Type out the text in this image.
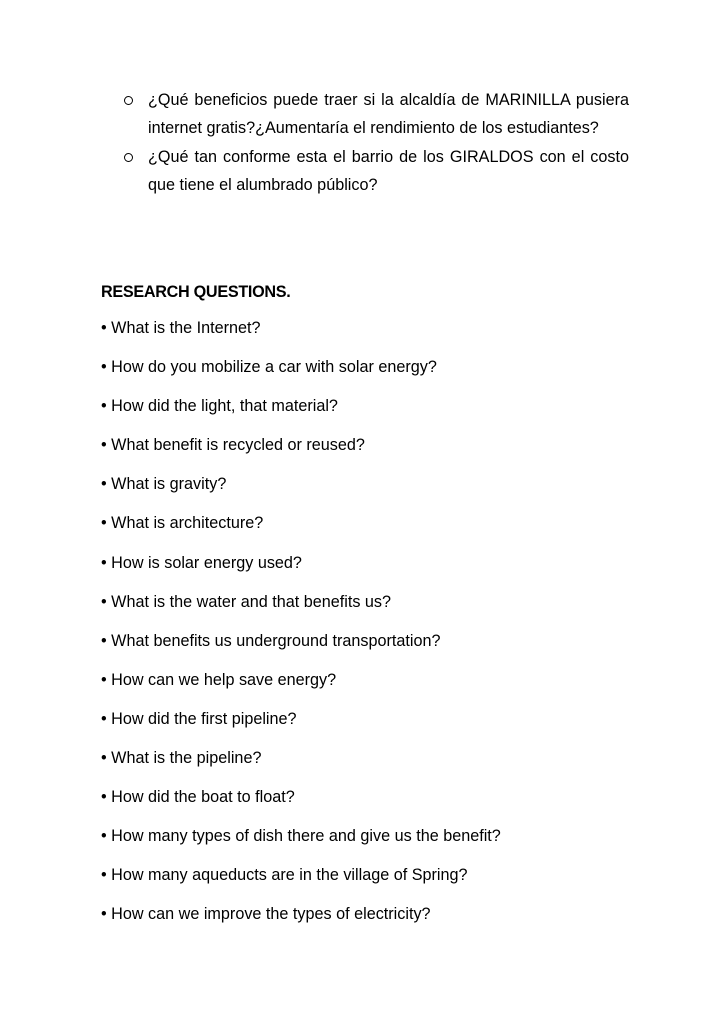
¿Qué beneficios puede traer si la alcaldía de MARINILLA pusiera internet gratis?¿Aumentaría el rendimiento de los estudiantes?
¿Qué tan conforme esta el barrio de los GIRALDOS con el costo que tiene el alumbrado público?
RESEARCH QUESTIONS.
• What is the Internet?
• How do you mobilize a car with solar energy?
• How did the light, that material?
• What benefit is recycled or reused?
• What is gravity?
• What is architecture?
• How is solar energy used?
• What is the water and that benefits us?
• What benefits us underground transportation?
• How can we help save energy?
• How did the first pipeline?
• What is the pipeline?
• How did the boat to float?
• How many types of dish there and give us the benefit?
• How many aqueducts are in the village of Spring?
• How can we improve the types of electricity?
